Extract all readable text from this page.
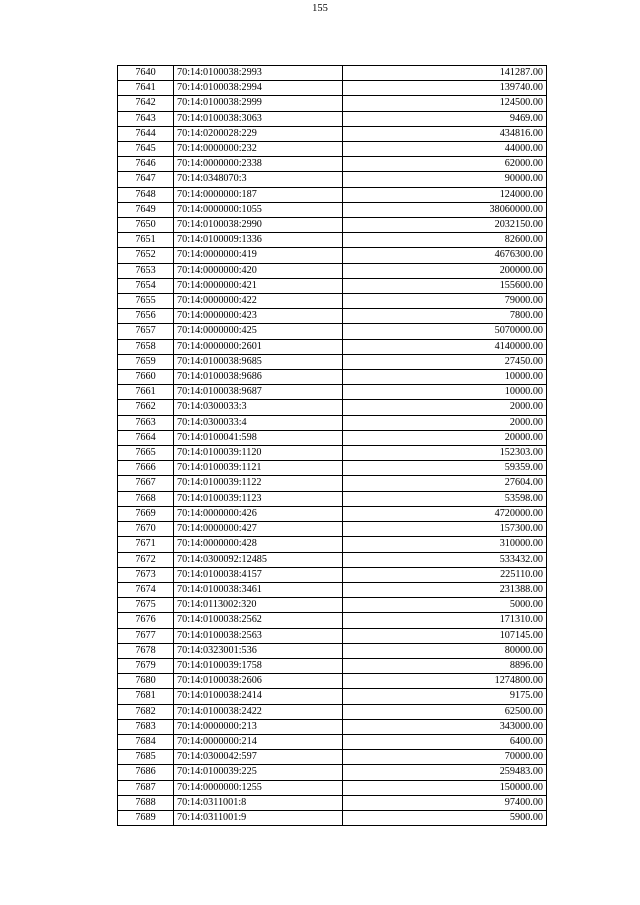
155
7640	70:14:0100038:2993	141287.00
7641	70:14:0100038:2994	139740.00
7642	70:14:0100038:2999	124500.00
7643	70:14:0100038:3063	9469.00
7644	70:14:0200028:229	434816.00
7645	70:14:0000000:232	44000.00
7646	70:14:0000000:2338	62000.00
7647	70:14:0348070:3	90000.00
7648	70:14:0000000:187	124000.00
7649	70:14:0000000:1055	38060000.00
7650	70:14:0100038:2990	2032150.00
7651	70:14:0100009:1336	82600.00
7652	70:14:0000000:419	4676300.00
7653	70:14:0000000:420	200000.00
7654	70:14:0000000:421	155600.00
7655	70:14:0000000:422	79000.00
7656	70:14:0000000:423	7800.00
7657	70:14:0000000:425	5070000.00
7658	70:14:0000000:2601	4140000.00
7659	70:14:0100038:9685	27450.00
7660	70:14:0100038:9686	10000.00
7661	70:14:0100038:9687	10000.00
7662	70:14:0300033:3	2000.00
7663	70:14:0300033:4	2000.00
7664	70:14:0100041:598	20000.00
7665	70:14:0100039:1120	152303.00
7666	70:14:0100039:1121	59359.00
7667	70:14:0100039:1122	27604.00
7668	70:14:0100039:1123	53598.00
7669	70:14:0000000:426	4720000.00
7670	70:14:0000000:427	157300.00
7671	70:14:0000000:428	310000.00
7672	70:14:0300092:12485	533432.00
7673	70:14:0100038:4157	225110.00
7674	70:14:0100038:3461	231388.00
7675	70:14:0113002:320	5000.00
7676	70:14:0100038:2562	171310.00
7677	70:14:0100038:2563	107145.00
7678	70:14:0323001:536	80000.00
7679	70:14:0100039:1758	8896.00
7680	70:14:0100038:2606	1274800.00
7681	70:14:0100038:2414	9175.00
7682	70:14:0100038:2422	62500.00
7683	70:14:0000000:213	343000.00
7684	70:14:0000000:214	6400.00
7685	70:14:0300042:597	70000.00
7686	70:14:0100039:225	259483.00
7687	70:14:0000000:1255	150000.00
7688	70:14:0311001:8	97400.00
7689	70:14:0311001:9	5900.00
